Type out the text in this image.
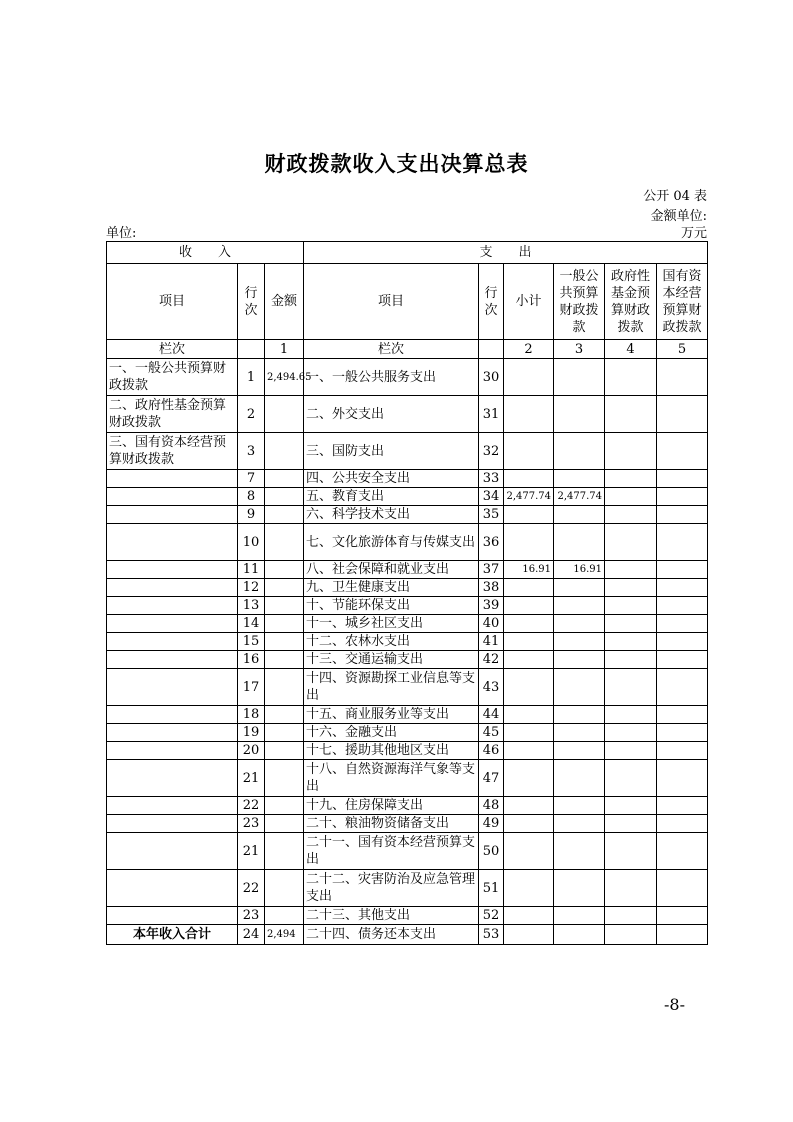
财政拨款收入支出决算总表
公开 04 表
金额单位:
单位:	万元
收　　入			支　　出					
项目	行次	金额	项目	行次	小计	一般公共预算财政拨款	政府性基金预算财政拨款	国有资本经营预算财政拨款
栏次		1	栏次		2	3	4	5
一、一般公共预算财政拨款	1	2,494.65	一、一般公共服务支出	30				
二、政府性基金预算财政拨款	2		二、外交支出	31				
三、国有资本经营预算财政拨款	3		三、国防支出	32				
	7		四、公共安全支出	33				
	8		五、教育支出	34	2,477.74	2,477.74		
	9		六、科学技术支出	35				
	10		七、文化旅游体育与传媒支出	36				
	11		八、社会保障和就业支出	37	16.91	16.91		
	12		九、卫生健康支出	38				
	13		十、节能环保支出	39				
	14		十一、城乡社区支出	40				
	15		十二、农林水支出	41				
	16		十三、交通运输支出	42				
	17		十四、资源勘探工业信息等支出	43				
	18		十五、商业服务业等支出	44				
	19		十六、金融支出	45				
	20		十七、援助其他地区支出	46				
	21		十八、自然资源海洋气象等支出	47				
	22		十九、住房保障支出	48				
	23		二十、粮油物资储备支出	49				
	21		二十一、国有资本经营预算支出	50				
	22		二十二、灾害防治及应急管理支出	51				
	23		二十三、其他支出	52				
本年收入合计	24	2,494	二十四、债务还本支出	53				
-8-
